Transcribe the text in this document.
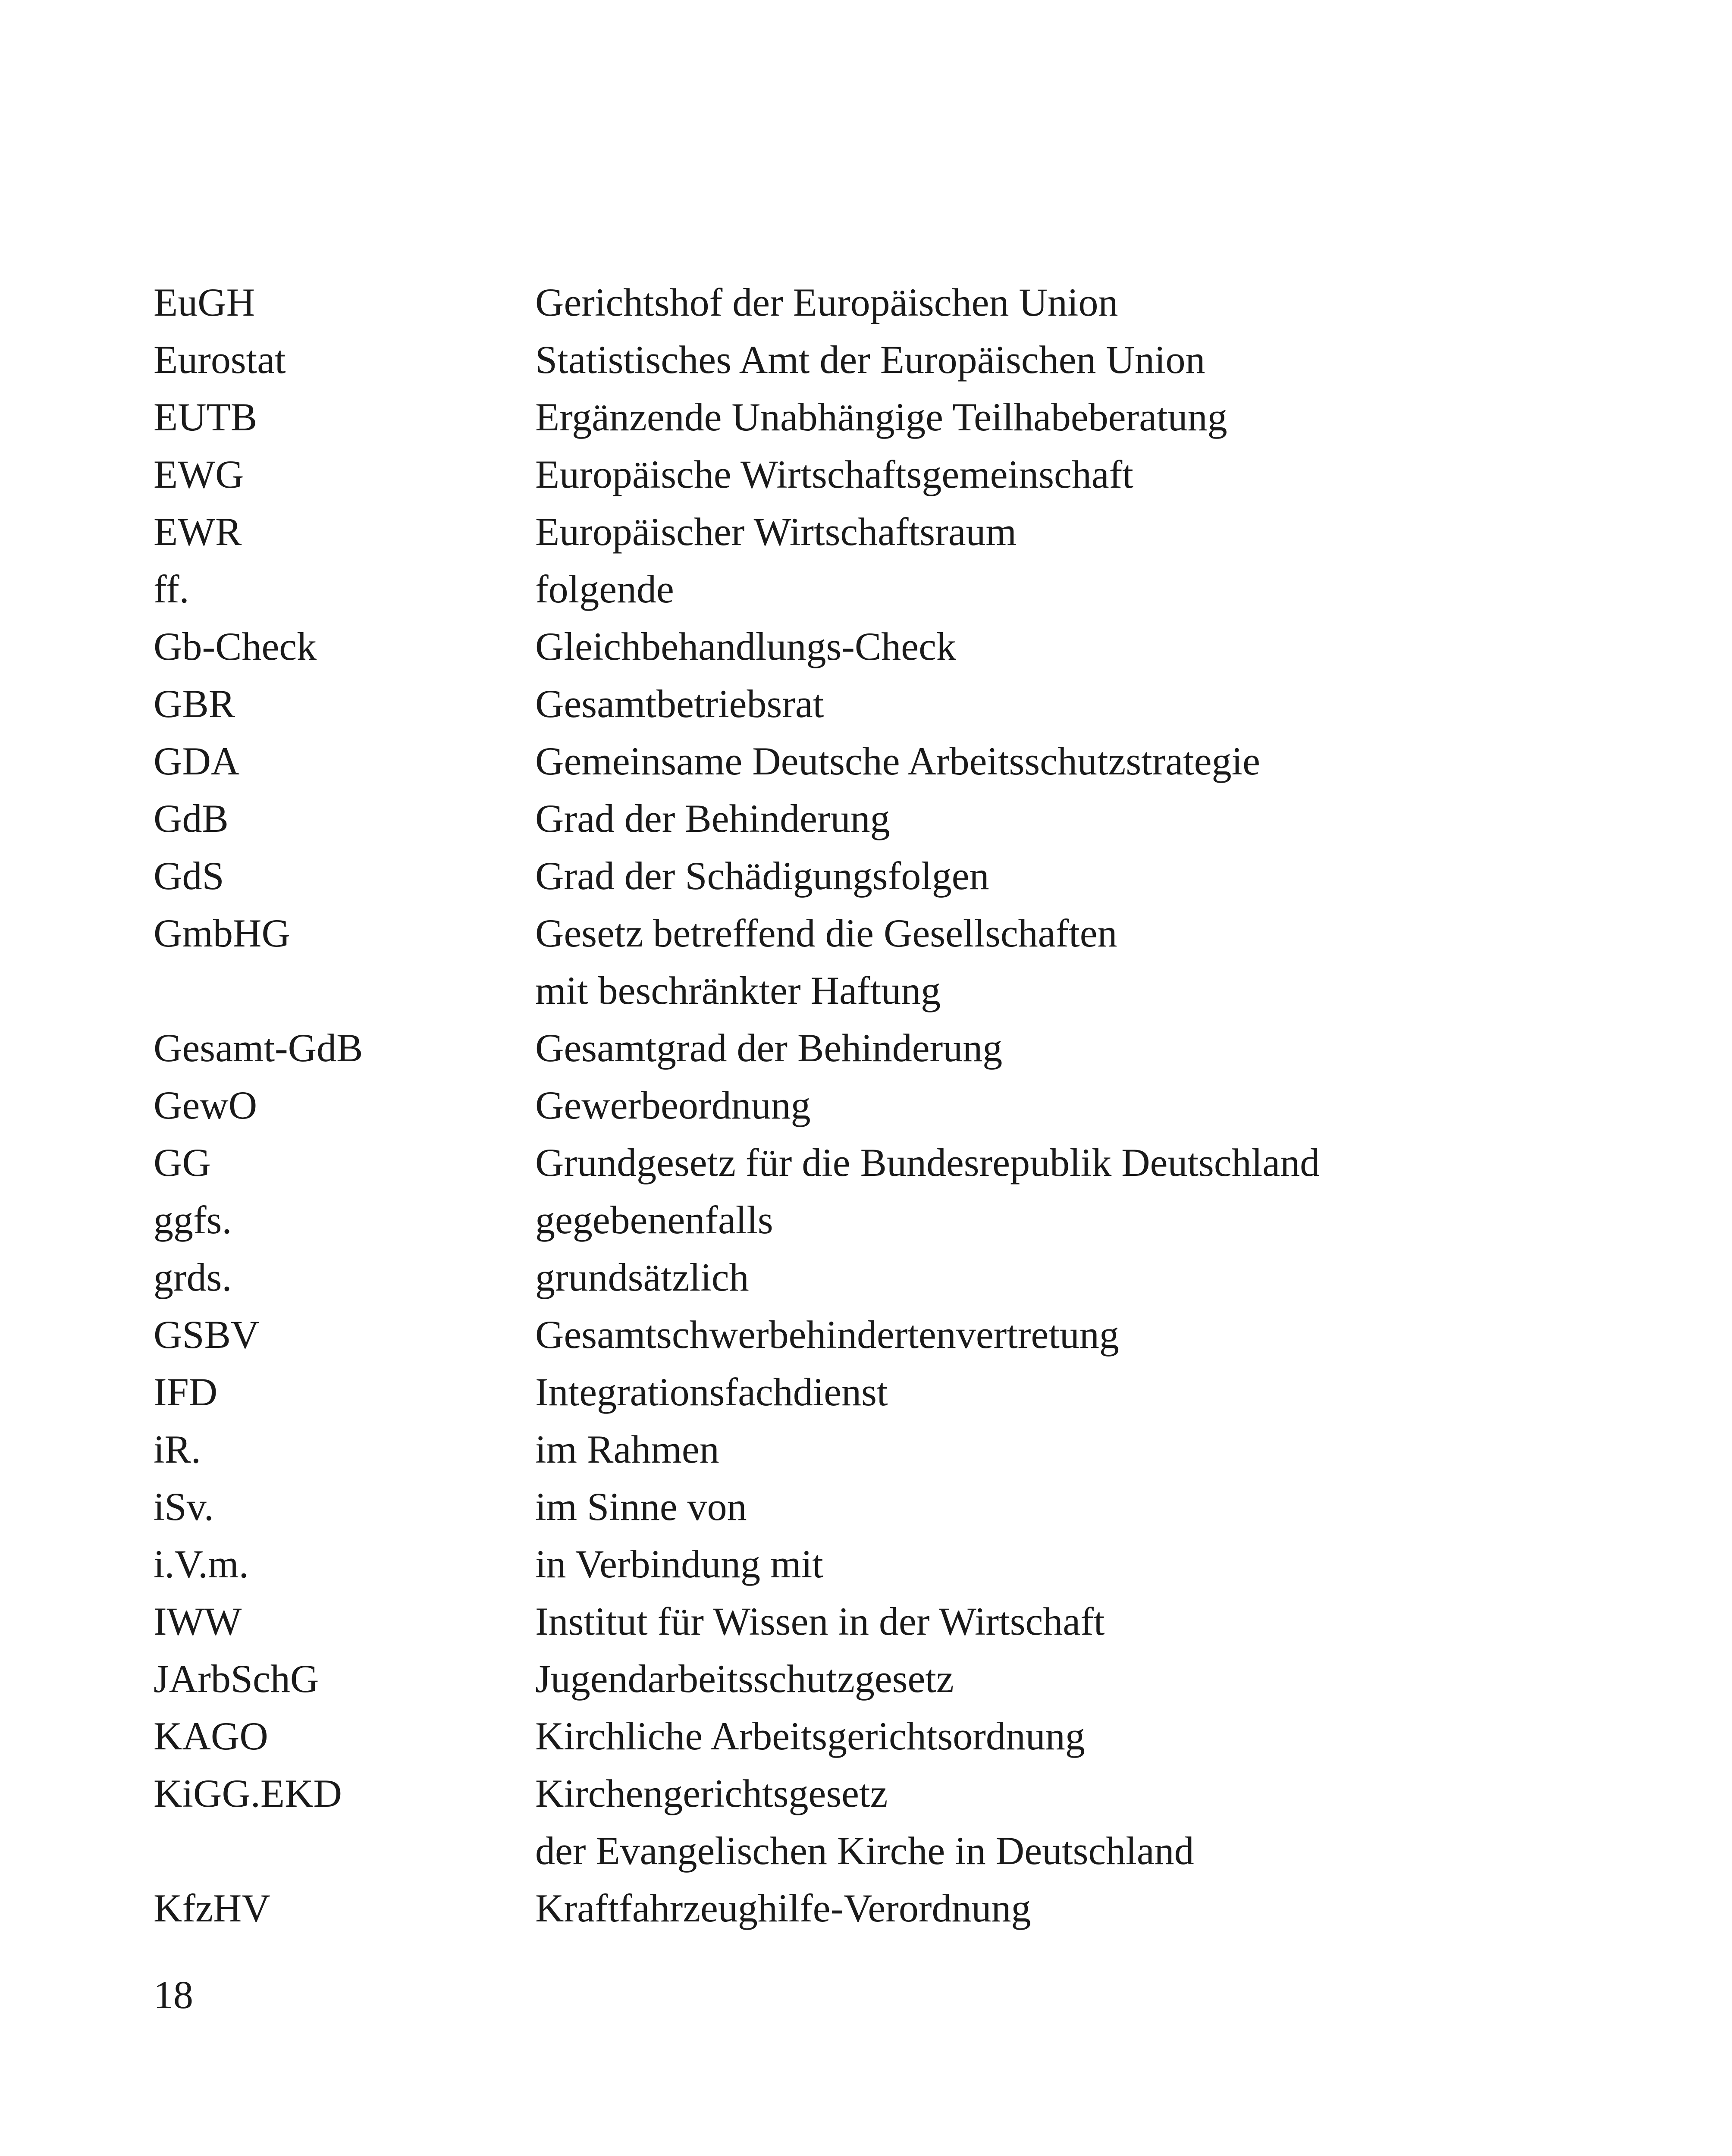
EuGH	Gerichtshof der Europäischen Union
Eurostat	Statistisches Amt der Europäischen Union
EUTB	Ergänzende Unabhängige Teilhabeberatung
EWG	Europäische Wirtschaftsgemeinschaft
EWR	Europäischer Wirtschaftsraum
ff.	folgende
Gb-Check	Gleichbehandlungs-Check
GBR	Gesamtbetriebsrat
GDA	Gemeinsame Deutsche Arbeitsschutzstrategie
GdB	Grad der Behinderung
GdS	Grad der Schädigungsfolgen
GmbHG	Gesetz betreffend die Gesellschaften
mit beschränkter Haftung
Gesamt-GdB	Gesamtgrad der Behinderung
GewO	Gewerbeordnung
GG	Grundgesetz für die Bundesrepublik Deutschland
ggfs.	gegebenenfalls
grds.	grundsätzlich
GSBV	Gesamtschwerbehindertenvertretung
IFD	Integrationsfachdienst
iR.	im Rahmen
iSv.	im Sinne von
i.V.m.	in Verbindung mit
IWW	Institut für Wissen in der Wirtschaft
JArbSchG	Jugendarbeitsschutzgesetz
KAGO	Kirchliche Arbeitsgerichtsordnung
KiGG.EKD	Kirchengerichtsgesetz
der Evangelischen Kirche in Deutschland
KfzHV	Kraftfahrzeughilfe-Verordnung
18
